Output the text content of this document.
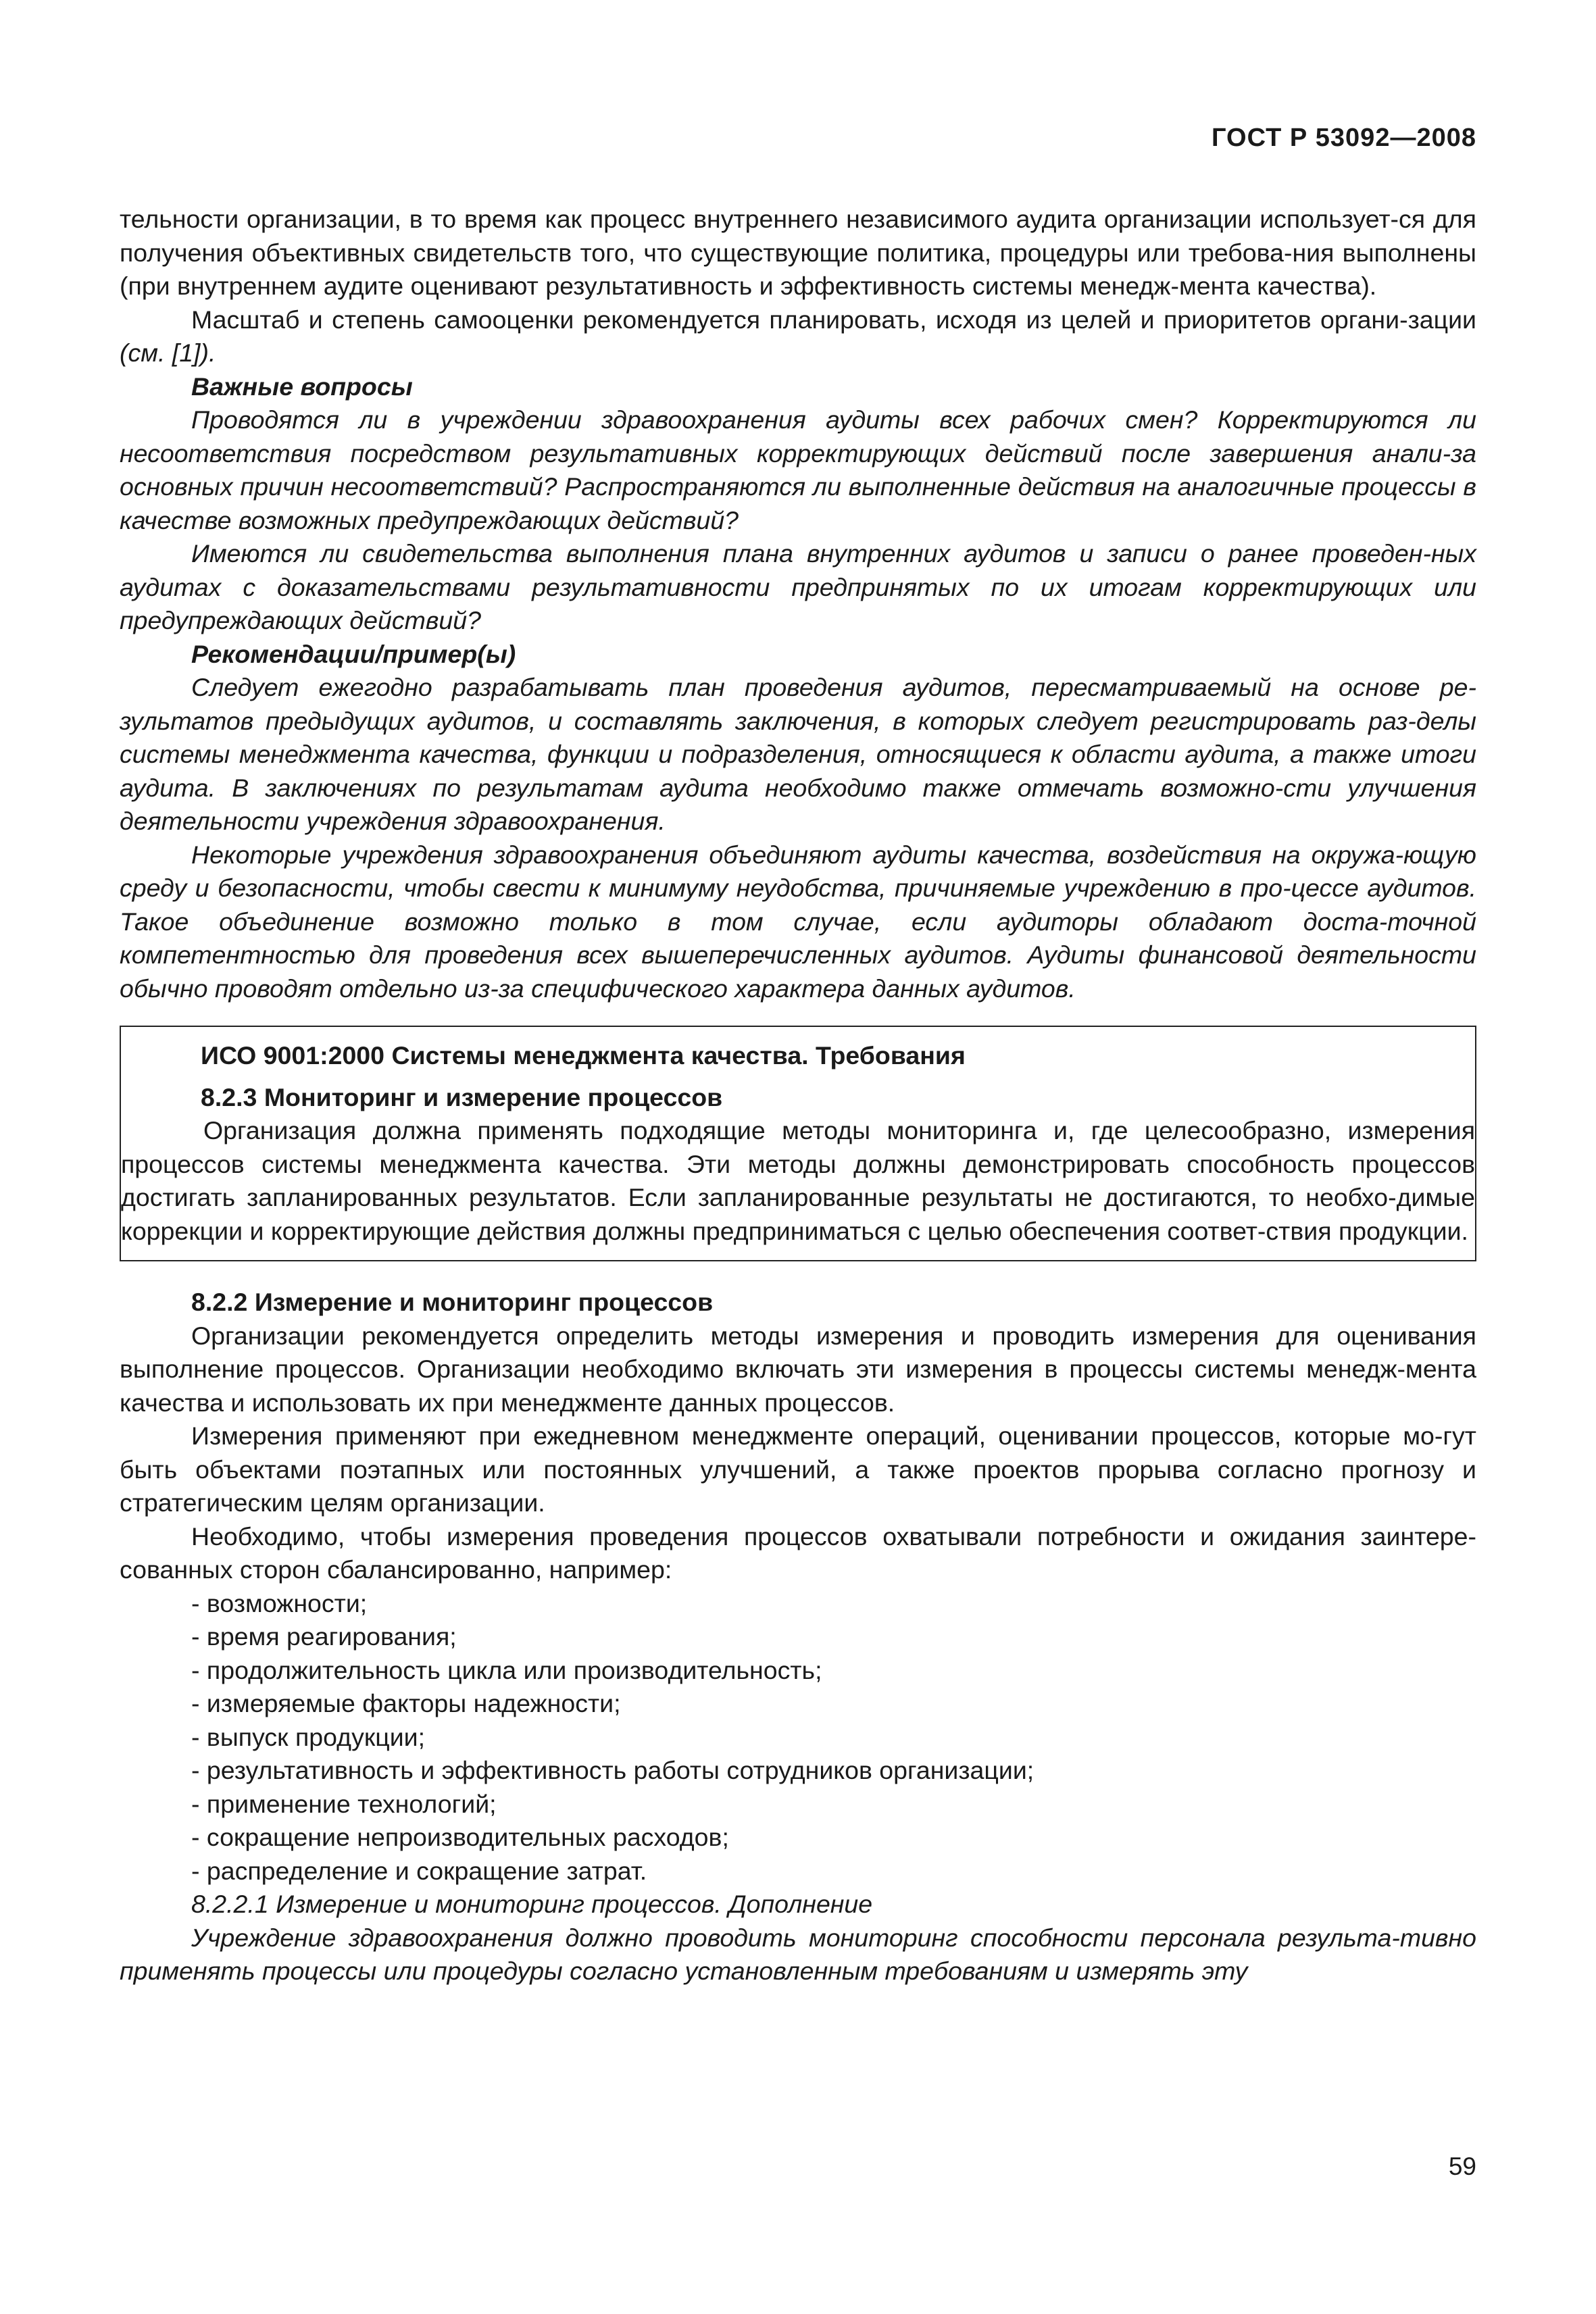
ГОСТ Р 53092—2008

тельности организации, в то время как процесс внутреннего независимого аудита организации использует-ся для получения объективных свидетельств того, что существующие политика, процедуры или требова-ния выполнены (при внутреннем аудите оценивают результативность и эффективность системы менедж-мента качества).

Масштаб и степень самооценки рекомендуется планировать, исходя из целей и приоритетов органи-зации (см. [1]).

Важные вопросы

Проводятся ли в учреждении здравоохранения аудиты всех рабочих смен? Корректируются ли несоответствия посредством результативных корректирующих действий после завершения анали-за основных причин несоответствий? Распространяются ли выполненные действия на аналогичные процессы в качестве возможных предупреждающих действий?

Имеются ли свидетельства выполнения плана внутренних аудитов и записи о ранее проведен-ных аудитах с доказательствами результативности предпринятых по их итогам корректирующих или предупреждающих действий?

Рекомендации/пример(ы)

Следует ежегодно разрабатывать план проведения аудитов, пересматриваемый на основе ре-зультатов предыдущих аудитов, и составлять заключения, в которых следует регистрировать раз-делы системы менеджмента качества, функции и подразделения, относящиеся к области аудита, а также итоги аудита. В заключениях по результатам аудита необходимо также отмечать возможно-сти улучшения деятельности учреждения здравоохранения.

Некоторые учреждения здравоохранения объединяют аудиты качества, воздействия на окружа-ющую среду и безопасности, чтобы свести к минимуму неудобства, причиняемые учреждению в про-цессе аудитов. Такое объединение возможно только в том случае, если аудиторы обладают доста-точной компетентностью для проведения всех вышеперечисленных аудитов. Аудиты финансовой деятельности обычно проводят отдельно из-за специфического характера данных аудитов.

ИСО 9001:2000 Системы менеджмента качества. Требования

8.2.3 Мониторинг и измерение процессов

Организация должна применять подходящие методы мониторинга и, где целесообразно, измерения процессов системы менеджмента качества. Эти методы должны демонстрировать способность процессов достигать запланированных результатов. Если запланированные результаты не достигаются, то необхо-димые коррекции и корректирующие действия должны предприниматься с целью обеспечения соответ-ствия продукции.

8.2.2 Измерение и мониторинг процессов

Организации рекомендуется определить методы измерения и проводить измерения для оценивания выполнение процессов. Организации необходимо включать эти измерения в процессы системы менедж-мента качества и использовать их при менеджменте данных процессов.

Измерения применяют при ежедневном менеджменте операций, оценивании процессов, которые мо-гут быть объектами поэтапных или постоянных улучшений, а также проектов прорыва согласно прогнозу и стратегическим целям организации.

Необходимо, чтобы измерения проведения процессов охватывали потребности и ожидания заинтере-сованных сторон сбалансированно, например:

- возможности;
- время реагирования;
- продолжительность цикла или производительность;
- измеряемые факторы надежности;
- выпуск продукции;
- результативность и эффективность работы сотрудников организации;
- применение технологий;
- сокращение непроизводительных расходов;
- распределение и сокращение затрат.

8.2.2.1 Измерение и мониторинг процессов. Дополнение

Учреждение здравоохранения должно проводить мониторинг способности персонала результа-тивно применять процессы или процедуры согласно установленным требованиям и измерять эту

59
